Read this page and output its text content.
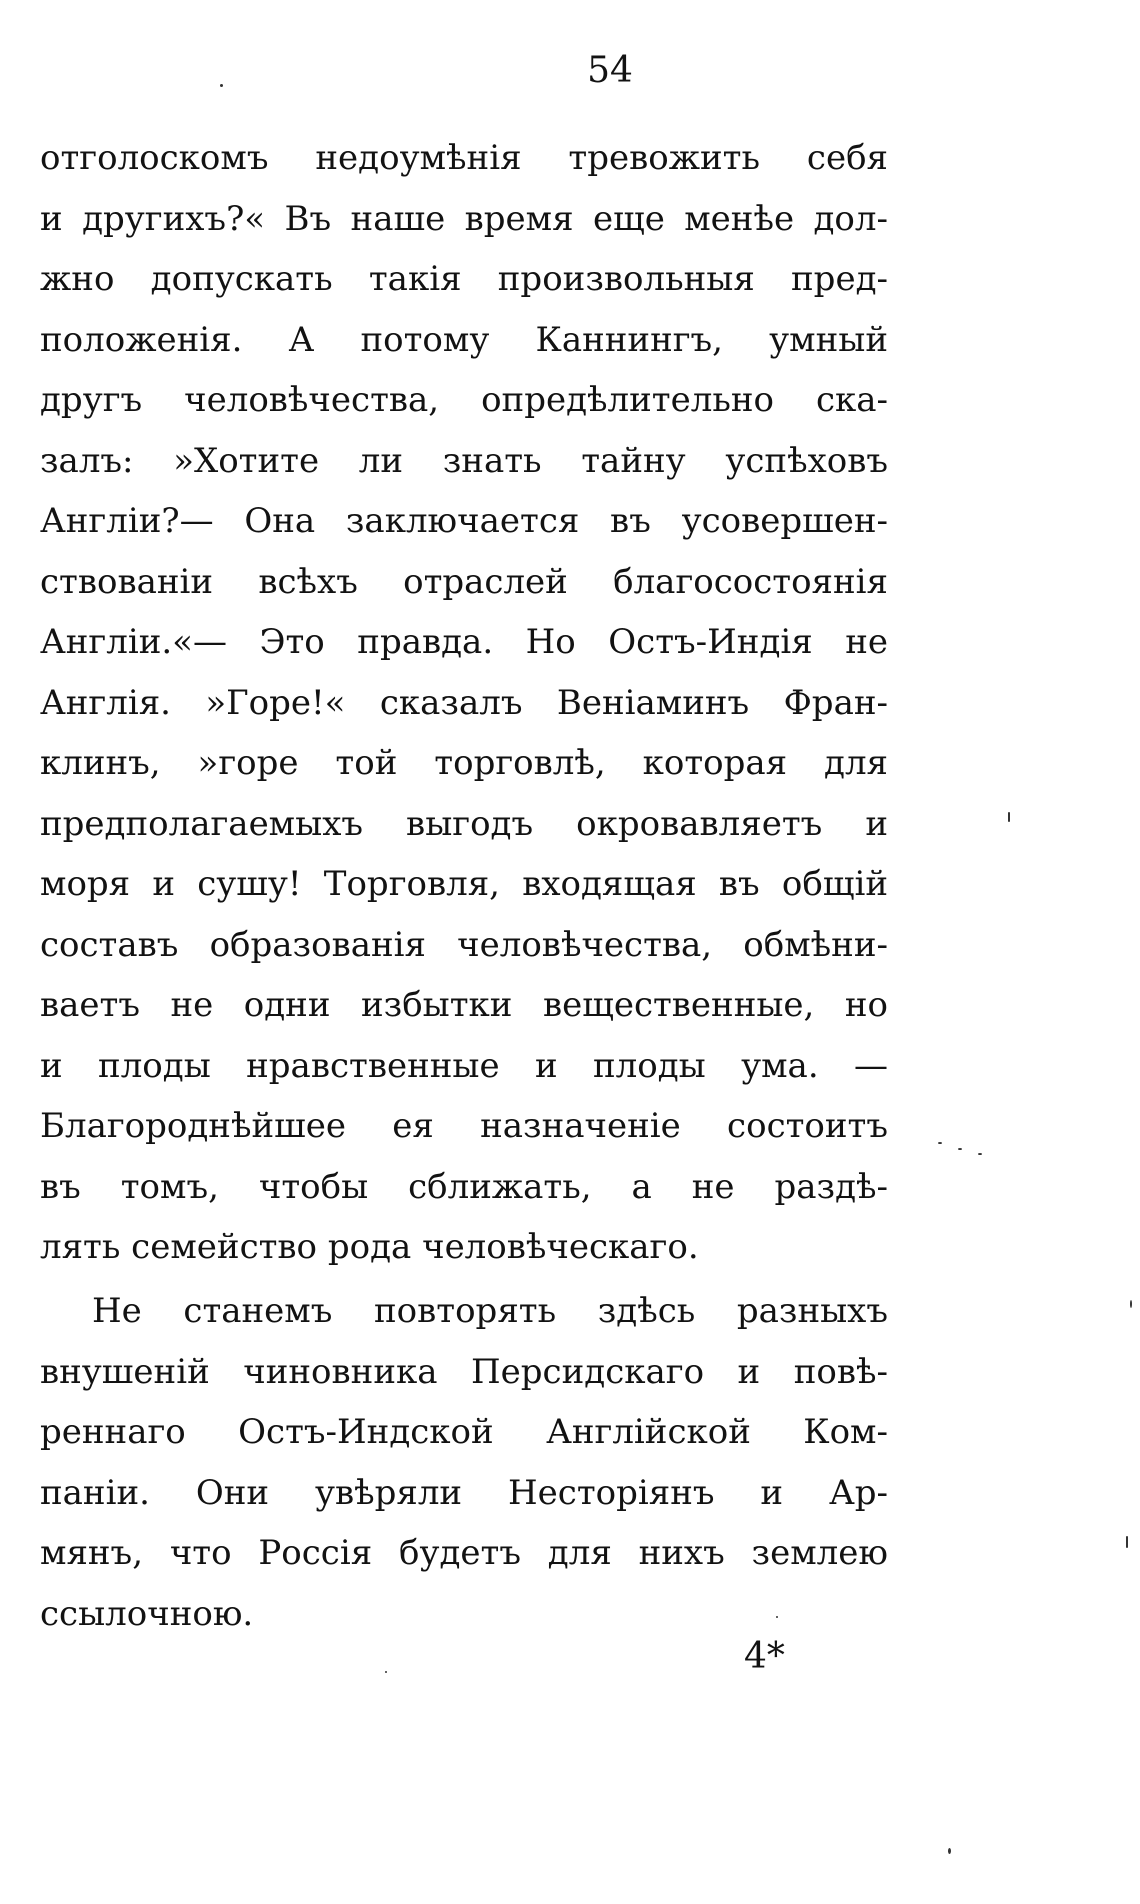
54
отголоскомъ недоумѣнія тревожить себя
и другихъ?« Въ наше время еще менѣе дол-
жно допускать такія произвольныя пред-
положенія. А потому Каннингъ, умный
другъ человѣчества, опредѣлительно ска-
залъ: »Хотите ли знать тайну успѣховъ
Англіи?— Она заключается въ усовершен-
ствованіи всѣхъ отраслей благосостоянія
Англіи.«— Это правда. Но Остъ-Индія не
Англія. »Горе!« сказалъ Веніаминъ Фран-
клинъ, »горе той торговлѣ, которая для
предполагаемыхъ выгодъ окровавляетъ и
моря и сушу! Торговля, входящая въ общій
составъ образованія человѣчества, обмѣни-
ваетъ не одни избытки вещественные, но
и плоды нравственные и плоды ума. —
Благороднѣйшее ея назначеніе состоитъ
въ томъ, чтобы сближать, а не раздѣ-
лять семейство рода человѣческаго.
Не станемъ повторять здѣсь разныхъ
внушеній чиновника Персидскаго и повѣ-
реннаго Остъ-Индской Англійской Ком-
паніи. Они увѣряли Несторіянъ и Ар-
мянъ, что Россія будетъ для нихъ землею
ссылочною.
4*
